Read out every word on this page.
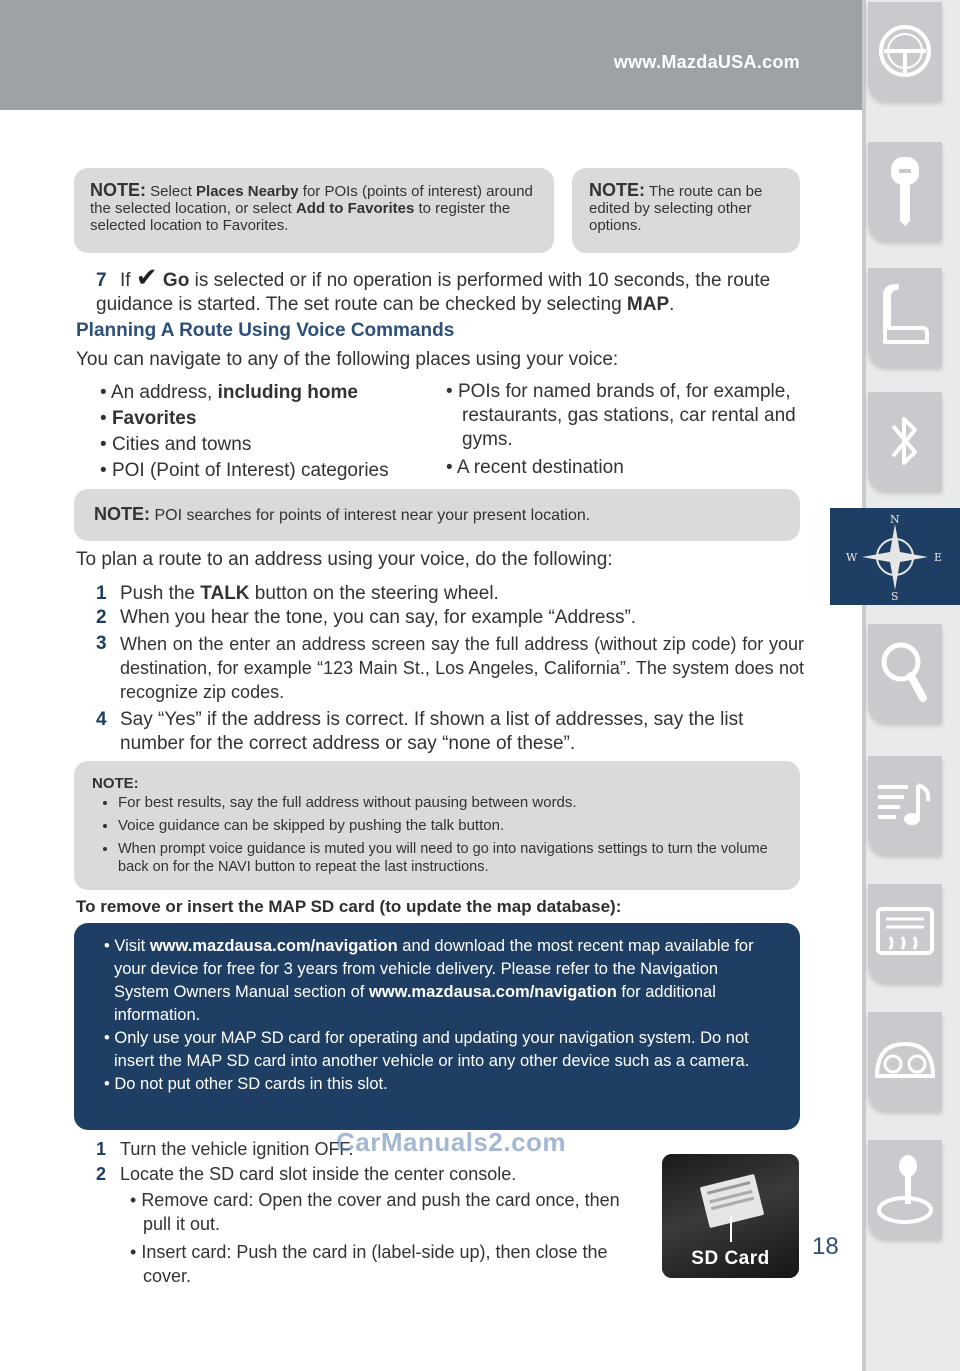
www.MazdaUSA.com
N
S
W	E
NOTE: Select Places Nearby for POIs (points of interest) around the selected location, or select Add to Favorites to register the selected location to Favorites.
NOTE: The route can be edited by selecting other options.
7 If ✔ Go is selected or if no operation is performed with 10 seconds, the route guidance is started. The set route can be checked by selecting MAP.
Planning A Route Using Voice Commands
You can navigate to any of the following places using your voice:
• An address, including home
• Favorites
• Cities and towns
• POI (Point of Interest) categories
• POIs for named brands of, for example, restaurants, gas stations, car rental and gyms.
• A recent destination
NOTE: POI searches for points of interest near your present location.
To plan a route to an address using your voice, do the following:
1 Push the TALK button on the steering wheel.
2 When you hear the tone, you can say, for example “Address”.
3 When on the enter an address screen say the full address (without zip code) for your destination, for example “123 Main St., Los Angeles, California”. The system does not recognize zip codes.
4 Say “Yes” if the address is correct. If shown a list of addresses, say the list number for the correct address or say “none of these”.
NOTE:
• For best results, say the full address without pausing between words.
• Voice guidance can be skipped by pushing the talk button.
• When prompt voice guidance is muted you will need to go into navigations settings to turn the volume back on for the NAVI button to repeat the last instructions.
To remove or insert the MAP SD card (to update the map database):
• Visit www.mazdausa.com/navigation and download the most recent map available for your device for free for 3 years from vehicle delivery. Please refer to the Navigation System Owners Manual section of www.mazdausa.com/navigation for additional information.
• Only use your MAP SD card for operating and updating your navigation system. Do not insert the MAP SD card into another vehicle or into any other device such as a camera.
• Do not put other SD cards in this slot.
1 Turn the vehicle ignition OFF.
2 Locate the SD card slot inside the center console.
• Remove card: Open the cover and push the card once, then pull it out.
• Insert card: Push the card in (label-side up), then close the cover.
SD Card	18
CarManuals2.com
